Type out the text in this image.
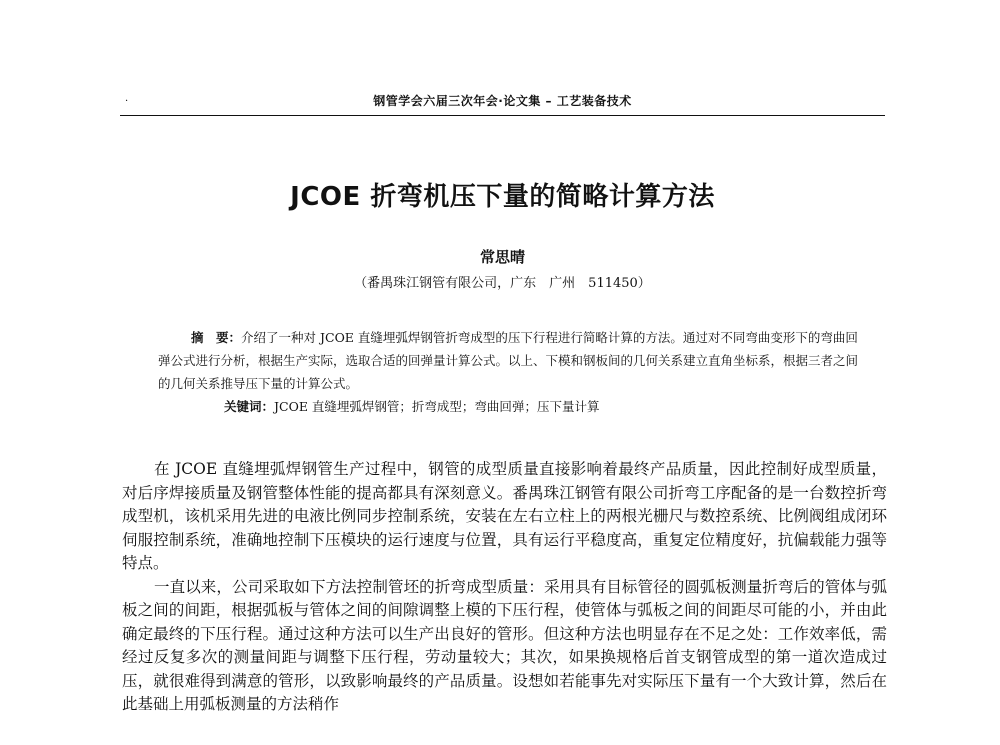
·	钢管学会六届三次年会·论文集 – 工艺装备技术
JCOE 折弯机压下量的简略计算方法
常思晴
（番禺珠江钢管有限公司，广东　广州　511450）

摘　要：介绍了一种对 JCOE 直缝埋弧焊钢管折弯成型的压下行程进行简略计算的方法。通过对不同弯曲变形下的弯曲回弹公式进行分析，根据生产实际，选取合适的回弹量计算公式。以上、下模和钢板间的几何关系建立直角坐标系，根据三者之间的几何关系推导压下量的计算公式。

关键词：JCOE 直缝埋弧焊钢管；折弯成型；弯曲回弹；压下量计算

在 JCOE 直缝埋弧焊钢管生产过程中，钢管的成型质量直接影响着最终产品质量，因此控制好成型质量，对后序焊接质量及钢管整体性能的提高都具有深刻意义。番禺珠江钢管有限公司折弯工序配备的是一台数控折弯成型机，该机采用先进的电液比例同步控制系统，安装在左右立柱上的两根光栅尺与数控系统、比例阀组成闭环伺服控制系统，准确地控制下压模块的运行速度与位置，具有运行平稳度高，重复定位精度好，抗偏载能力强等特点。

一直以来，公司采取如下方法控制管坯的折弯成型质量：采用具有目标管径的圆弧板测量折弯后的管体与弧板之间的间距，根据弧板与管体之间的间隙调整上模的下压行程，使管体与弧板之间的间距尽可能的小，并由此确定最终的下压行程。通过这种方法可以生产出良好的管形。但这种方法也明显存在不足之处：工作效率低，需经过反复多次的测量间距与调整下压行程，劳动量较大；其次，如果换规格后首支钢管成型的第一道次造成过压，就很难得到满意的管形，以致影响最终的产品质量。设想如若能事先对实际压下量有一个大致计算，然后在此基础上用弧板测量的方法稍作
